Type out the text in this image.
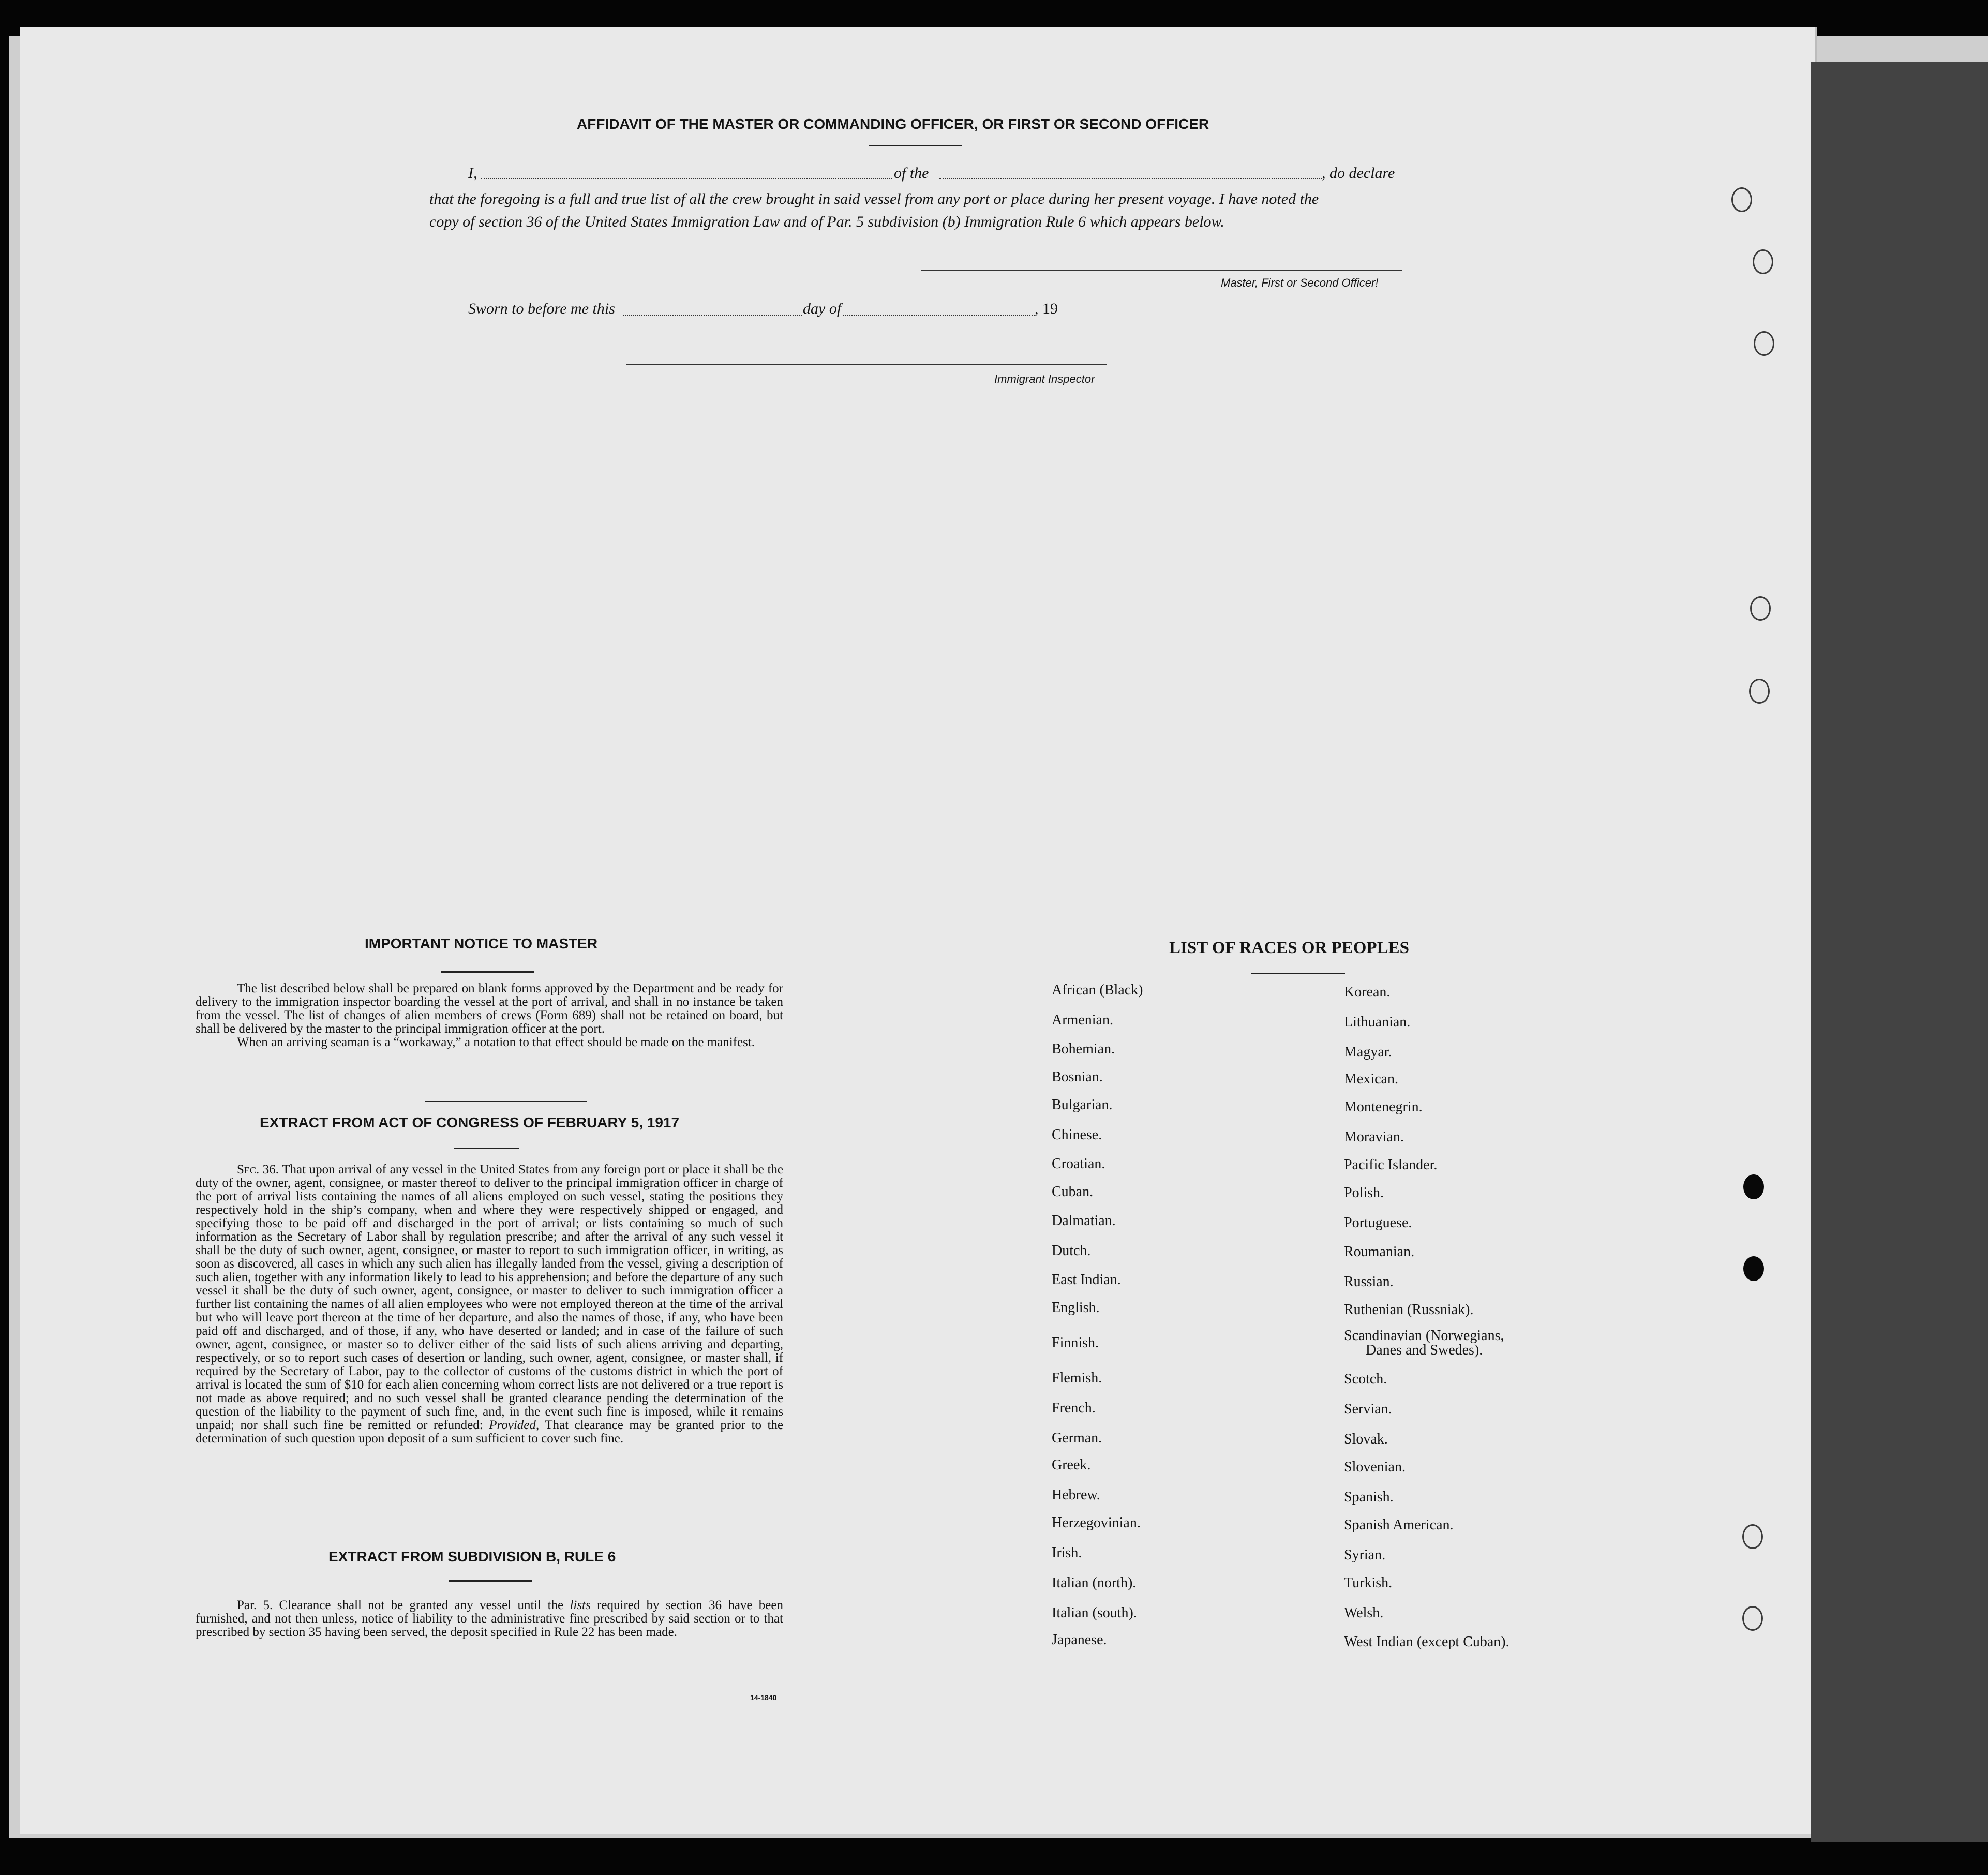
AFFIDAVIT OF THE MASTER OR COMMANDING OFFICER, OR FIRST OR SECOND OFFICER
I,	of the	, do declare
that the foregoing is a full and true list of all the crew brought in said vessel from any port or place during her present voyage. I have noted the
copy of section 36 of the United States Immigration Law and of Par. 5 subdivision (b) Immigration Rule 6 which appears below.
Master, First or Second Officer!
Sworn to before me this	day of	, 19
Immigrant Inspector
IMPORTANT NOTICE TO MASTER

The list described below shall be prepared on blank forms approved by the Department and be ready for delivery to the immigration inspector boarding the vessel at the port of arrival, and shall in no instance be taken from the vessel. The list of changes of alien members of crews (Form 689) shall not be retained on board, but shall be delivered by the master to the principal immigration officer at the port.

When an arriving seaman is a “workaway,” a notation to that effect should be made on the manifest.

EXTRACT FROM ACT OF CONGRESS OF FEBRUARY 5, 1917

Sec. 36. That upon arrival of any vessel in the United States from any foreign port or place it shall be the duty of the owner, agent, consignee, or master thereof to deliver to the principal immigration officer in charge of the port of arrival lists containing the names of all aliens employed on such vessel, stating the positions they respectively hold in the ship’s company, when and where they were respectively shipped or engaged, and specifying those to be paid off and discharged in the port of arrival; or lists containing so much of such information as the Secretary of Labor shall by regulation prescribe; and after the arrival of any such vessel it shall be the duty of such owner, agent, consignee, or master to report to such immigration officer, in writing, as soon as discovered, all cases in which any such alien has illegally landed from the vessel, giving a description of such alien, together with any information likely to lead to his apprehension; and before the departure of any such vessel it shall be the duty of such owner, agent, consignee, or master to deliver to such immigration officer a further list containing the names of all alien employees who were not employed thereon at the time of the arrival but who will leave port thereon at the time of her departure, and also the names of those, if any, who have been paid off and discharged, and of those, if any, who have deserted or landed; and in case of the failure of such owner, agent, consignee, or master so to deliver either of the said lists of such aliens arriving and departing, respectively, or so to report such cases of desertion or landing, such owner, agent, consignee, or master shall, if required by the Secretary of Labor, pay to the collector of customs of the customs district in which the port of arrival is located the sum of $10 for each alien concerning whom correct lists are not delivered or a true report is not made as above required; and no such vessel shall be granted clearance pending the determination of the question of the liability to the payment of such fine, and, in the event such fine is imposed, while it remains unpaid; nor shall such fine be remitted or refunded: Provided, That clearance may be granted prior to the determination of such question upon deposit of a sum sufficient to cover such fine.

EXTRACT FROM SUBDIVISION B, RULE 6

Par. 5. Clearance shall not be granted any vessel until the lists required by section 36 have been furnished, and not then unless, notice of liability to the administrative fine prescribed by said section or to that prescribed by section 35 having been served, the deposit specified in Rule 22 has been made.

14-1840
LIST OF RACES OR PEOPLES
African (Black)
Armenian.
Bohemian.
Bosnian.
Bulgarian.
Chinese.
Croatian.
Cuban.
Dalmatian.
Dutch.
East Indian.
English.
Finnish.
Flemish.
French.
German.
Greek.
Hebrew.
Herzegovinian.
Irish.
Italian (north).
Italian (south).
Japanese.
Korean.
Lithuanian.
Magyar.
Mexican.
Montenegrin.
Moravian.
Pacific Islander.
Polish.
Portuguese.
Roumanian.
Russian.
Ruthenian (Russniak).
Scandinavian (Norwegians,
Danes and Swedes).
Scotch.
Servian.
Slovak.
Slovenian.
Spanish.
Spanish American.
Syrian.
Turkish.
Welsh.
West Indian (except Cuban).
